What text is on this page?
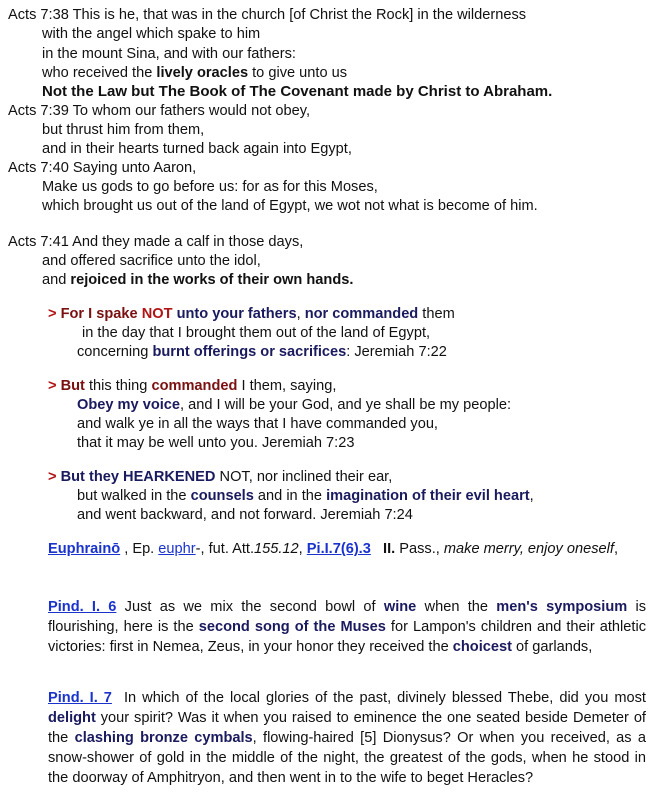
Acts 7:38 This is he, that was in the church [of Christ the Rock] in the wilderness
with the angel which spake to him
in the mount Sina, and with our fathers:
who received the lively oracles to give unto us
Not the Law but The Book of The Covenant made by Christ to Abraham.
Acts 7:39 To whom our fathers would not obey,
but thrust him from them,
and in their hearts turned back again into Egypt,
Acts 7:40 Saying unto Aaron,
Make us gods to go before us: for as for this Moses,
which brought us out of the land of Egypt, we wot not what is become of him.
Acts 7:41 And they made a calf in those days,
and offered sacrifice unto the idol,
and rejoiced in the works of their own hands.
> For I spake NOT unto your fathers, nor commanded them
in the day that I brought them out of the land of Egypt,
concerning burnt offerings or sacrifices: Jeremiah 7:22
> But this thing commanded I them, saying,
Obey my voice, and I will be your God, and ye shall be my people:
and walk ye in all the ways that I have commanded you,
that it may be well unto you. Jeremiah 7:23
> But they HEARKENED NOT, nor inclined their ear,
but walked in the counsels and in the imagination of their evil heart,
and went backward, and not forward. Jeremiah 7:24
Euphrainō , Ep. euphr-, fut. Att.155.12, Pi.I.7(6).3 II. Pass., make merry, enjoy oneself,
Pind. I. 6 Just as we mix the second bowl of wine when the men's symposium is flourishing, here is the second song of the Muses for Lampon's children and their athletic victories: first in Nemea, Zeus, in your honor they received the choicest of garlands,
Pind. I. 7  In which of the local glories of the past, divinely blessed Thebe, did you most delight your spirit? Was it when you raised to eminence the one seated beside Demeter of the clashing bronze cymbals, flowing-haired [5] Dionysus? Or when you received, as a snow-shower of gold in the middle of the night, the greatest of the gods, when he stood in the doorway of Amphitryon, and then went in to the wife to beget Heracles?
